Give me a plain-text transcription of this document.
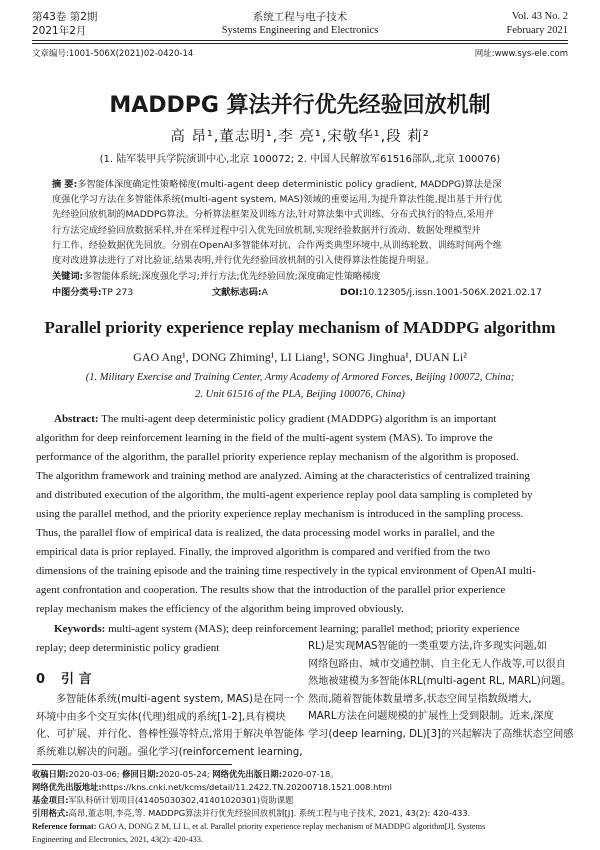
第43卷 第2期
2021年2月
系统工程与电子技术
Systems Engineering and Electronics
Vol. 43 No. 2
February 2021
文章编号:1001-506X(2021)02-0420-14	网址:www.sys-ele.com
MADDPG 算法并行优先经验回放机制
高 昂¹,董志明¹,李 亮¹,宋敬华¹,段 莉²
(1. 陆军装甲兵学院演训中心,北京 100072; 2. 中国人民解放军61516部队,北京 100076)
摘 要:多智能体深度确定性策略梯度(multi-agent deep deterministic policy gradient, MADDPG)算法是深
度强化学习方法在多智能体系统(multi-agent system, MAS)领域的重要运用,为提升算法性能,提出基于并行优
先经验回放机制的MADDPG算法。分析算法框架及训练方法,针对算法集中式训练、分布式执行的特点,采用并
行方法完成经验回放数据采样,并在采样过程中引入优先回放机制,实现经验数据并行流动、数据处理模型并
行工作、经验数据优先回放。分别在OpenAI多智能体对抗、合作两类典型环境中,从训练轮数、训练时间两个维
度对改进算法进行了对比验证,结果表明,并行优先经验回放机制的引入使得算法性能提升明显。
关键词:多智能体系统;深度强化学习;并行方法;优先经验回放;深度确定性策略梯度
中图分类号:TP 273	文献标志码:A	DOI:10.12305/j.issn.1001-506X.2021.02.17
Parallel priority experience replay mechanism of MADDPG algorithm
GAO Ang¹, DONG Zhiming¹, LI Liang¹, SONG Jinghua¹, DUAN Li²
(1. Military Exercise and Training Center, Army Academy of Armored Forces, Beijing 100072, China;
2. Unit 61516 of the PLA, Beijing 100076, China)
Abstract: The multi-agent deep deterministic policy gradient (MADDPG) algorithm is an important
algorithm for deep reinforcement learning in the field of the multi-agent system (MAS). To improve the
performance of the algorithm, the parallel priority experience replay mechanism of the algorithm is proposed.
The algorithm framework and training method are analyzed. Aiming at the characteristics of centralized training
and distributed execution of the algorithm, the multi-agent experience replay pool data sampling is completed by
using the parallel method, and the priority experience replay mechanism is introduced in the sampling process.
Thus, the parallel flow of empirical data is realized, the data processing model works in parallel, and the
empirical data is prior replayed. Finally, the improved algorithm is compared and verified from the two
dimensions of the training episode and the training time respectively in the typical environment of OpenAI multi-
agent confrontation and cooperation. The results show that the introduction of the parallel prior experience
replay mechanism makes the efficiency of the algorithm being improved obviously.
Keywords: multi-agent system (MAS); deep reinforcement learning; parallel method; priority experience
replay; deep deterministic policy gradient
0 引 言
多智能体系统(multi-agent system, MAS)是在同一个
环境中由多个交互实体(代理)组成的系统[1-2],具有模块
化、可扩展、并行化、鲁棒性强等特点,常用于解决单智能体
系统难以解决的问题。强化学习(reinforcement learning,
RL)是实现MAS智能的一类重要方法,许多现实问题,如
网络包路由、城市交通控制、自主化无人作战等,可以很自
然地被建模为多智能体RL(multi-agent RL, MARL)问题。
然而,随着智能体数量增多,状态空间呈指数级增大,
MARL方法在问题规模的扩展性上受到限制。近来,深度
学习(deep learning, DL)[3]的兴起解决了高维状态空间感
收稿日期:2020-03-06; 修回日期:2020-05-24; 网络优先出版日期:2020-07-18。
网络优先出版地址:https://kns.cnki.net/kcms/detail/11.2422.TN.20200718.1521.008.html
基金项目:军队科研计划项目(41405030302,41401020301)资助课题
引用格式:高昂,董志明,李亮,等. MADDPG算法并行优先经验回放机制[J]. 系统工程与电子技术, 2021, 43(2): 420-433.
Reference format: GAO A, DONG Z M, LI L, et al. Parallel priority experience replay mechanism of MADDPG algorithm[J]. Systems
Engineering and Electronics, 2021, 43(2): 420-433.
